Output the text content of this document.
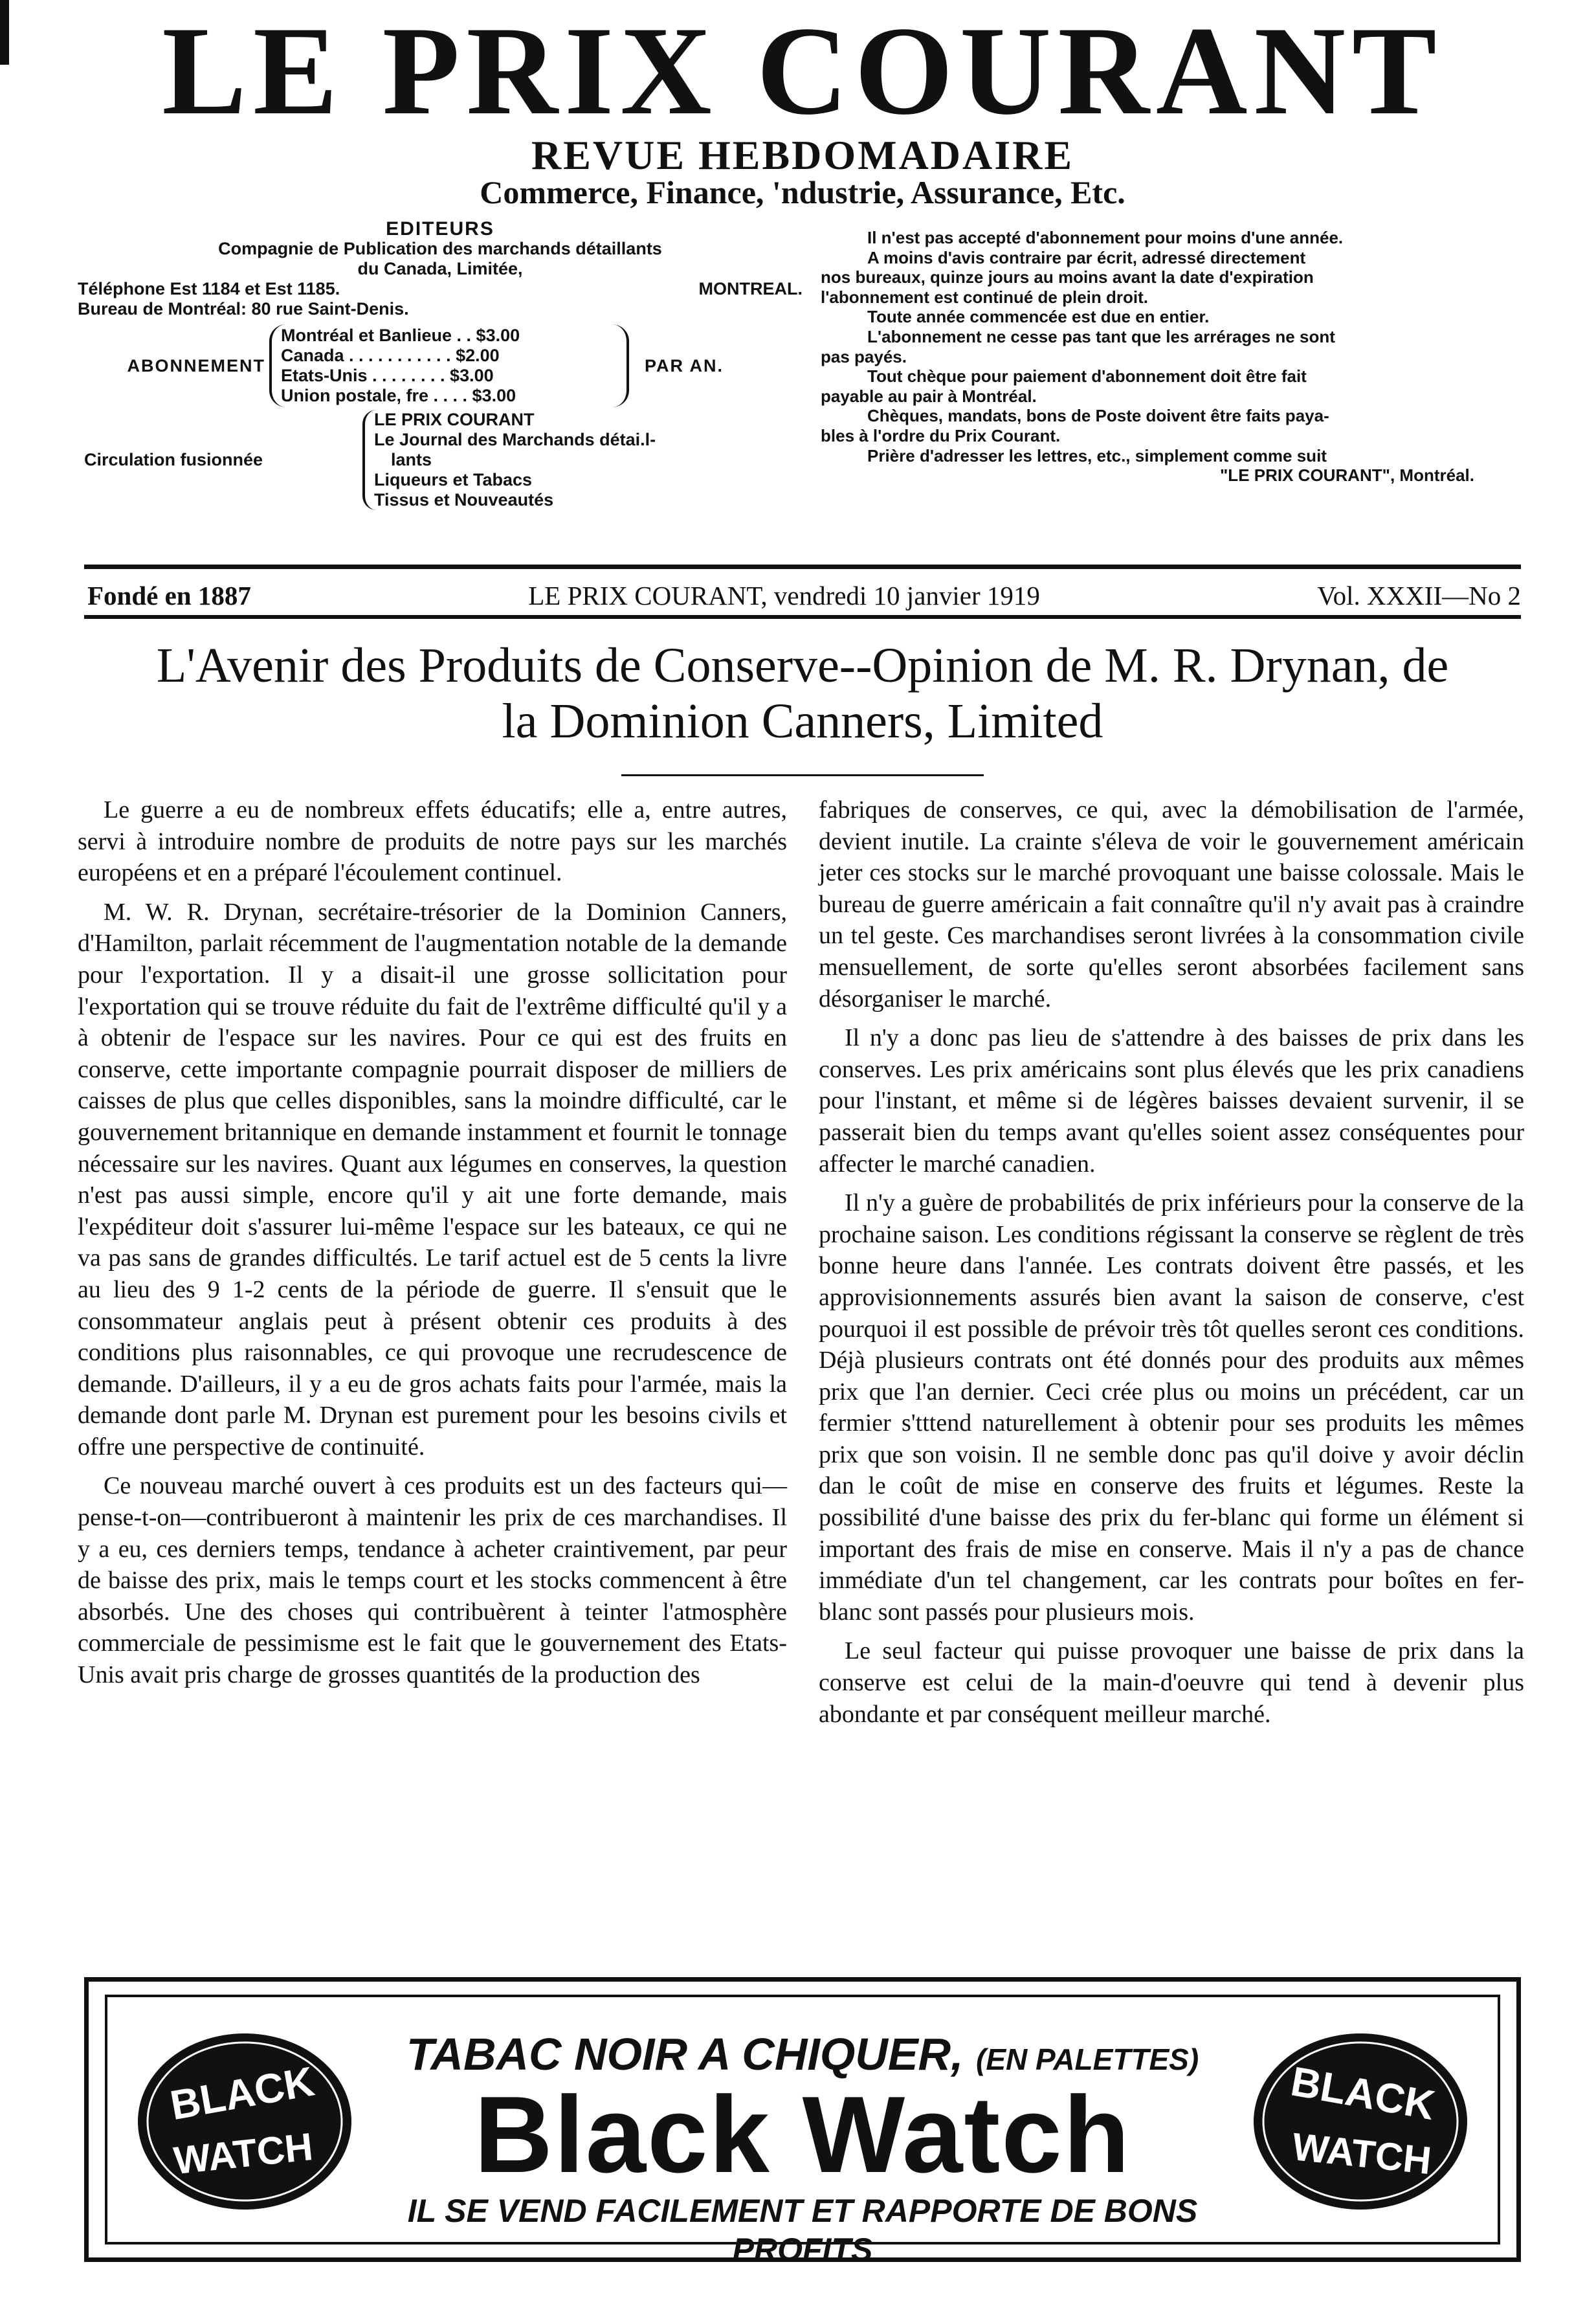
LE PRIX COURANT
REVUE HEBDOMADAIRE
Commerce, Finance, 'ndustrie, Assurance, Etc.
EDITEURS
Compagnie de Publication des marchands détaillants
du Canada, Limitée,
Téléphone Est 1184 et Est 1185.	MONTREAL.
Bureau de Montréal: 80 rue Saint-Denis.
ABONNEMENT
Montréal et Banlieue . . $3.00
Canada . . . . . . . . . . . $2.00
Etats-Unis . . . . . . . . $3.00
Union postale, fre . . . . $3.00
PAR AN.
Circulation fusionnée
LE PRIX COURANT
Le Journal des Marchands détai.l-
lants
Liqueurs et Tabacs
Tissus et Nouveautés
Il n'est pas accepté d'abonnement pour moins d'une année.
A moins d'avis contraire par écrit, adressé directement
nos bureaux, quinze jours au moins avant la date d'expiration
l'abonnement est continué de plein droit.
Toute année commencée est due en entier.
L'abonnement ne cesse pas tant que les arrérages ne sont
pas payés.
Tout chèque pour paiement d'abonnement doit être fait
payable au pair à Montréal.
Chèques, mandats, bons de Poste doivent être faits paya-
bles à l'ordre du Prix Courant.
Prière d'adresser les lettres, etc., simplement comme suit
"LE PRIX COURANT", Montréal.
Fondé en 1887	LE PRIX COURANT, vendredi 10 janvier 1919	Vol. XXXII—No 2
L'Avenir des Produits de Conserve--Opinion de M. R. Drynan, de
la Dominion Canners, Limited

Le guerre a eu de nombreux effets éducatifs; elle a, entre autres, servi à introduire nombre de produits de notre pays sur les marchés européens et en a préparé l'écoulement continuel.

M. W. R. Drynan, secrétaire-trésorier de la Dominion Canners, d'Hamilton, parlait récemment de l'augmentation notable de la demande pour l'exportation. Il y a disait-il une grosse sollicitation pour l'exportation qui se trouve réduite du fait de l'extrême difficulté qu'il y a à obtenir de l'espace sur les navires. Pour ce qui est des fruits en conserve, cette importante compagnie pourrait disposer de milliers de caisses de plus que celles disponibles, sans la moindre difficulté, car le gouvernement britannique en demande instamment et fournit le tonnage nécessaire sur les navires. Quant aux légumes en conserves, la question n'est pas aussi simple, encore qu'il y ait une forte demande, mais l'expéditeur doit s'assurer lui-même l'espace sur les bateaux, ce qui ne va pas sans de grandes difficultés. Le tarif actuel est de 5 cents la livre au lieu des 9 1-2 cents de la période de guerre. Il s'ensuit que le consommateur anglais peut à présent obtenir ces produits à des conditions plus raisonnables, ce qui provoque une recrudescence de demande. D'ailleurs, il y a eu de gros achats faits pour l'armée, mais la demande dont parle M. Drynan est purement pour les besoins civils et offre une perspective de continuité.

Ce nouveau marché ouvert à ces produits est un des facteurs qui—pense-t-on—contribueront à maintenir les prix de ces marchandises. Il y a eu, ces derniers temps, tendance à acheter craintivement, par peur de baisse des prix, mais le temps court et les stocks commencent à être absorbés. Une des choses qui contribuèrent à teinter l'atmosphère commerciale de pessimisme est le fait que le gouvernement des Etats-Unis avait pris charge de grosses quantités de la production des

fabriques de conserves, ce qui, avec la démobilisation de l'armée, devient inutile. La crainte s'éleva de voir le gouvernement américain jeter ces stocks sur le marché provoquant une baisse colossale. Mais le bureau de guerre américain a fait connaître qu'il n'y avait pas à craindre un tel geste. Ces marchandises seront livrées à la consommation civile mensuellement, de sorte qu'elles seront absorbées facilement sans désorganiser le marché.

Il n'y a donc pas lieu de s'attendre à des baisses de prix dans les conserves. Les prix américains sont plus élevés que les prix canadiens pour l'instant, et même si de légères baisses devaient survenir, il se passerait bien du temps avant qu'elles soient assez conséquentes pour affecter le marché canadien.

Il n'y a guère de probabilités de prix inférieurs pour la conserve de la prochaine saison. Les conditions régissant la conserve se règlent de très bonne heure dans l'année. Les contrats doivent être passés, et les approvisionnements assurés bien avant la saison de conserve, c'est pourquoi il est possible de prévoir très tôt quelles seront ces conditions. Déjà plusieurs contrats ont été donnés pour des produits aux mêmes prix que l'an dernier. Ceci crée plus ou moins un précédent, car un fermier s'tttend naturellement à obtenir pour ses produits les mêmes prix que son voisin. Il ne semble donc pas qu'il doive y avoir déclin dan le coût de mise en conserve des fruits et légumes. Reste la possibilité d'une baisse des prix du fer-blanc qui forme un élément si important des frais de mise en conserve. Mais il n'y a pas de chance immédiate d'un tel changement, car les contrats pour boîtes en fer-blanc sont passés pour plusieurs mois.

Le seul facteur qui puisse provoquer une baisse de prix dans la conserve est celui de la main-d'oeuvre qui tend à devenir plus abondante et par conséquent meilleur marché.

BLACK
WATCH
TABAC NOIR A CHIQUER, (EN PALETTES)
Black Watch
IL SE VEND FACILEMENT ET RAPPORTE DE BONS PROFITS
BLACK
WATCH
